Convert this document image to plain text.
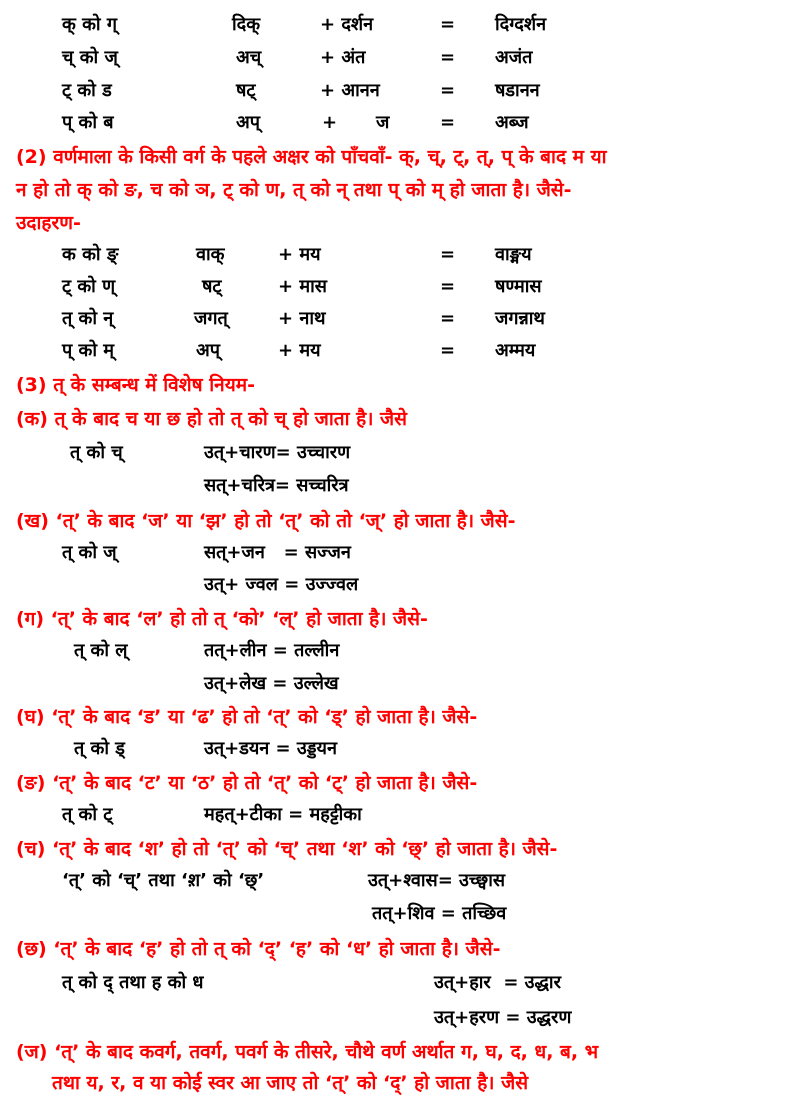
क् को ग्	दिक्	+ दर्शन	= दिग्दर्शन
च् को ज्	अच्	+ अंत	= अजंत
ट् को ड	षट्	+ आनन	= षडानन
प् को ब	अप्	+ ज	= अब्ज
(2) वर्णमाला के किसी वर्ग के पहले अक्षर को पाँचवाँ- क्, च्, ट्, त्, प् के बाद म या
न हो तो क् को ङ, च को ञ, ट् को ण, त् को न् तथा प् को म् हो जाता है। जैसे-
उदाहरण-
क को ङ्	वाक्	+ मय	= वाङ्मय
ट् को ण्	षट्	+ मास	= षण्मास
त् को न्	जगत्	+ नाथ	= जगन्नाथ
प् को म्	अप्	+ मय	= अम्मय
(3) त् के सम्बन्ध में विशेष नियम-
(क) त् के बाद च या छ हो तो त् को च् हो जाता है। जैसे
त् को च्	उत्+चारण= उच्चारण
सत्+चरित्र= सच्चरित्र
(ख) ‘त्’ के बाद ‘ज’ या ‘झ’ हो तो ‘त्’ को तो ‘ज्’ हो जाता है। जैसे-
त् को ज्	सत्+जन   = सज्जन
उत्+ ज्वल = उज्ज्वल
(ग) ‘त्’ के बाद ‘ल’ हो तो त् ‘को’ ‘ल्’ हो जाता है। जैसे-
त् को ल्	तत्+लीन = तल्लीन
उत्+लेख = उल्लेख
(घ) ‘त्’ के बाद ‘ड’ या ‘ढ’ हो तो ‘त्’ को ‘ड्’ हो जाता है। जैसे-
त् को ड्	उत्+डयन = उड्डयन
(ङ) ‘त्’ के बाद ‘ट’ या ‘ठ’ हो तो ‘त्’ को ‘ट्’ हो जाता है। जैसे-
त् को ट्	महत्+टीका = महट्टीका
(च) ‘त्’ के बाद ‘श’ हो तो ‘त्’ को ‘च्’ तथा ‘श’ को ‘छ्’ हो जाता है। जैसे-
‘त्’ को ‘च्’ तथा ‘श़’ को ‘छ्’	उत्+श्वास= उच्छ्वास
तत्+शिव = तच्छिव
(छ) ‘त्’ के बाद ‘ह’ हो तो त् को ‘द्’ ‘ह’ को ‘ध’ हो जाता है। जैसे-
त् को द् तथा ह को ध	उत्+हार  = उद्धार
उत्+हरण = उद्धरण
(ज) ‘त्’ के बाद कवर्ग, तवर्ग, पवर्ग के तीसरे, चौथे वर्ण अर्थात ग, घ, द, ध, ब, भ
तथा य, र, व या कोई स्वर आ जाए तो ‘त्’ को ‘द्’ हो जाता है। जैसे
